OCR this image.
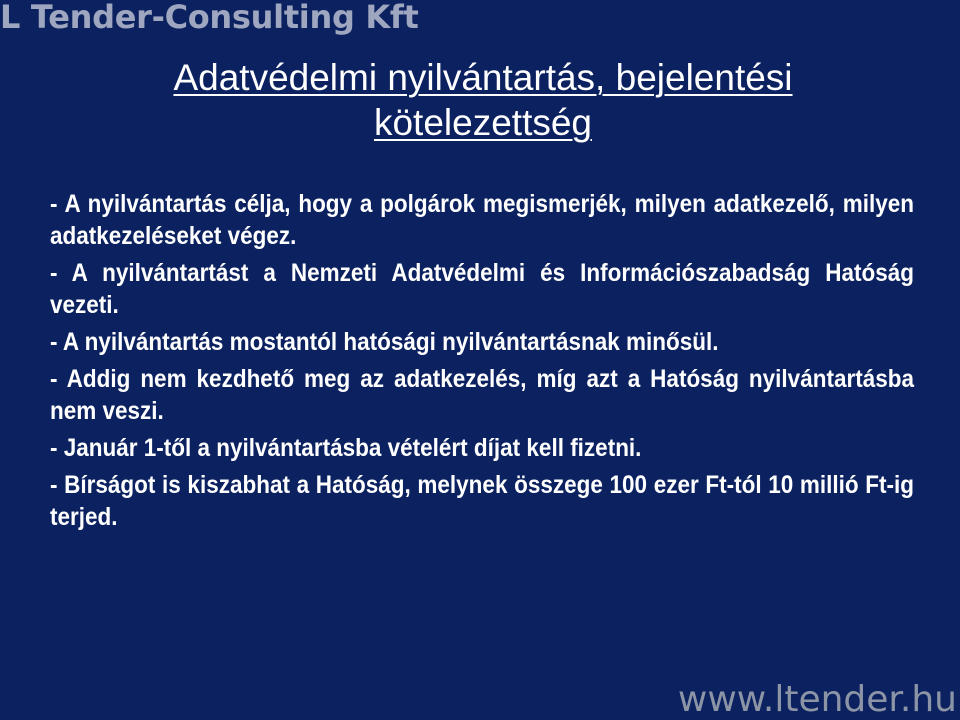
L Tender-Consulting Kft
Adatvédelmi nyilvántartás, bejelentési
kötelezettség
- A nyilvántartás célja, hogy a polgárok megismerjék, milyen adatkezelő, milyen adatkezeléseket végez.
- A nyilvántartást a Nemzeti Adatvédelmi és Információszabadság Hatóság vezeti.
- A nyilvántartás mostantól hatósági nyilvántartásnak minősül.
- Addig nem kezdhető meg az adatkezelés, míg azt a Hatóság nyilvántartásba nem veszi.
- Január 1-től a nyilvántartásba vételért díjat kell fizetni.
- Bírságot is kiszabhat a Hatóság, melynek összege 100 ezer Ft-tól 10 millió Ft-ig terjed.
www.ltender.hu
